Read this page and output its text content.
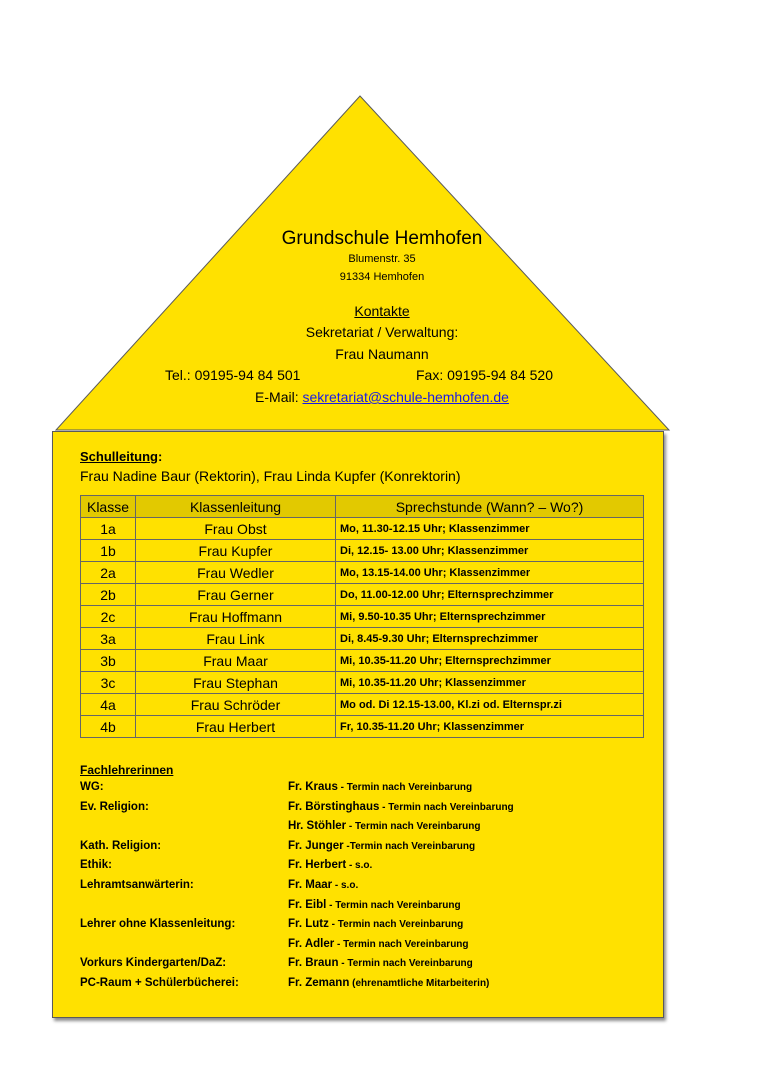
Grundschule Hemhofen
Blumenstr. 35
91334 Hemhofen
Kontakte
Sekretariat / Verwaltung:
Frau Naumann
Tel.: 09195-94 84 501	Fax: 09195-94 84 520
E-Mail: sekretariat@schule-hemhofen.de
Schulleitung:
Frau Nadine Baur (Rektorin), Frau Linda Kupfer (Konrektorin)
Klasse	Klassenleitung	Sprechstunde (Wann? – Wo?)
1a	Frau Obst	Mo, 11.30-12.15 Uhr; Klassenzimmer
1b	Frau Kupfer	Di, 12.15- 13.00 Uhr; Klassenzimmer
2a	Frau Wedler	Mo, 13.15-14.00 Uhr; Klassenzimmer
2b	Frau Gerner	Do, 11.00-12.00 Uhr; Elternsprechzimmer
2c	Frau Hoffmann	Mi, 9.50-10.35 Uhr; Elternsprechzimmer
3a	Frau Link	Di, 8.45-9.30 Uhr; Elternsprechzimmer
3b	Frau Maar	Mi, 10.35-11.20 Uhr; Elternsprechzimmer
3c	Frau Stephan	Mi, 10.35-11.20 Uhr; Klassenzimmer
4a	Frau Schröder	Mo od. Di 12.15-13.00, Kl.zi od. Elternspr.zi
4b	Frau Herbert	Fr, 10.35-11.20 Uhr; Klassenzimmer
Fachlehrerinnen
WG:	Fr. Kraus - Termin nach Vereinbarung
Ev. Religion:	Fr. Börstinghaus - Termin nach Vereinbarung
Hr. Stöhler - Termin nach Vereinbarung
Kath. Religion:	Fr. Junger -Termin nach Vereinbarung
Ethik:	Fr. Herbert - s.o.
Lehramtsanwärterin:	Fr. Maar - s.o.
Fr. Eibl - Termin nach Vereinbarung
Lehrer ohne Klassenleitung:	Fr. Lutz - Termin nach Vereinbarung
Fr. Adler - Termin nach Vereinbarung
Vorkurs Kindergarten/DaZ:	Fr. Braun - Termin nach Vereinbarung
PC-Raum + Schülerbücherei:	Fr. Zemann (ehrenamtliche Mitarbeiterin)
